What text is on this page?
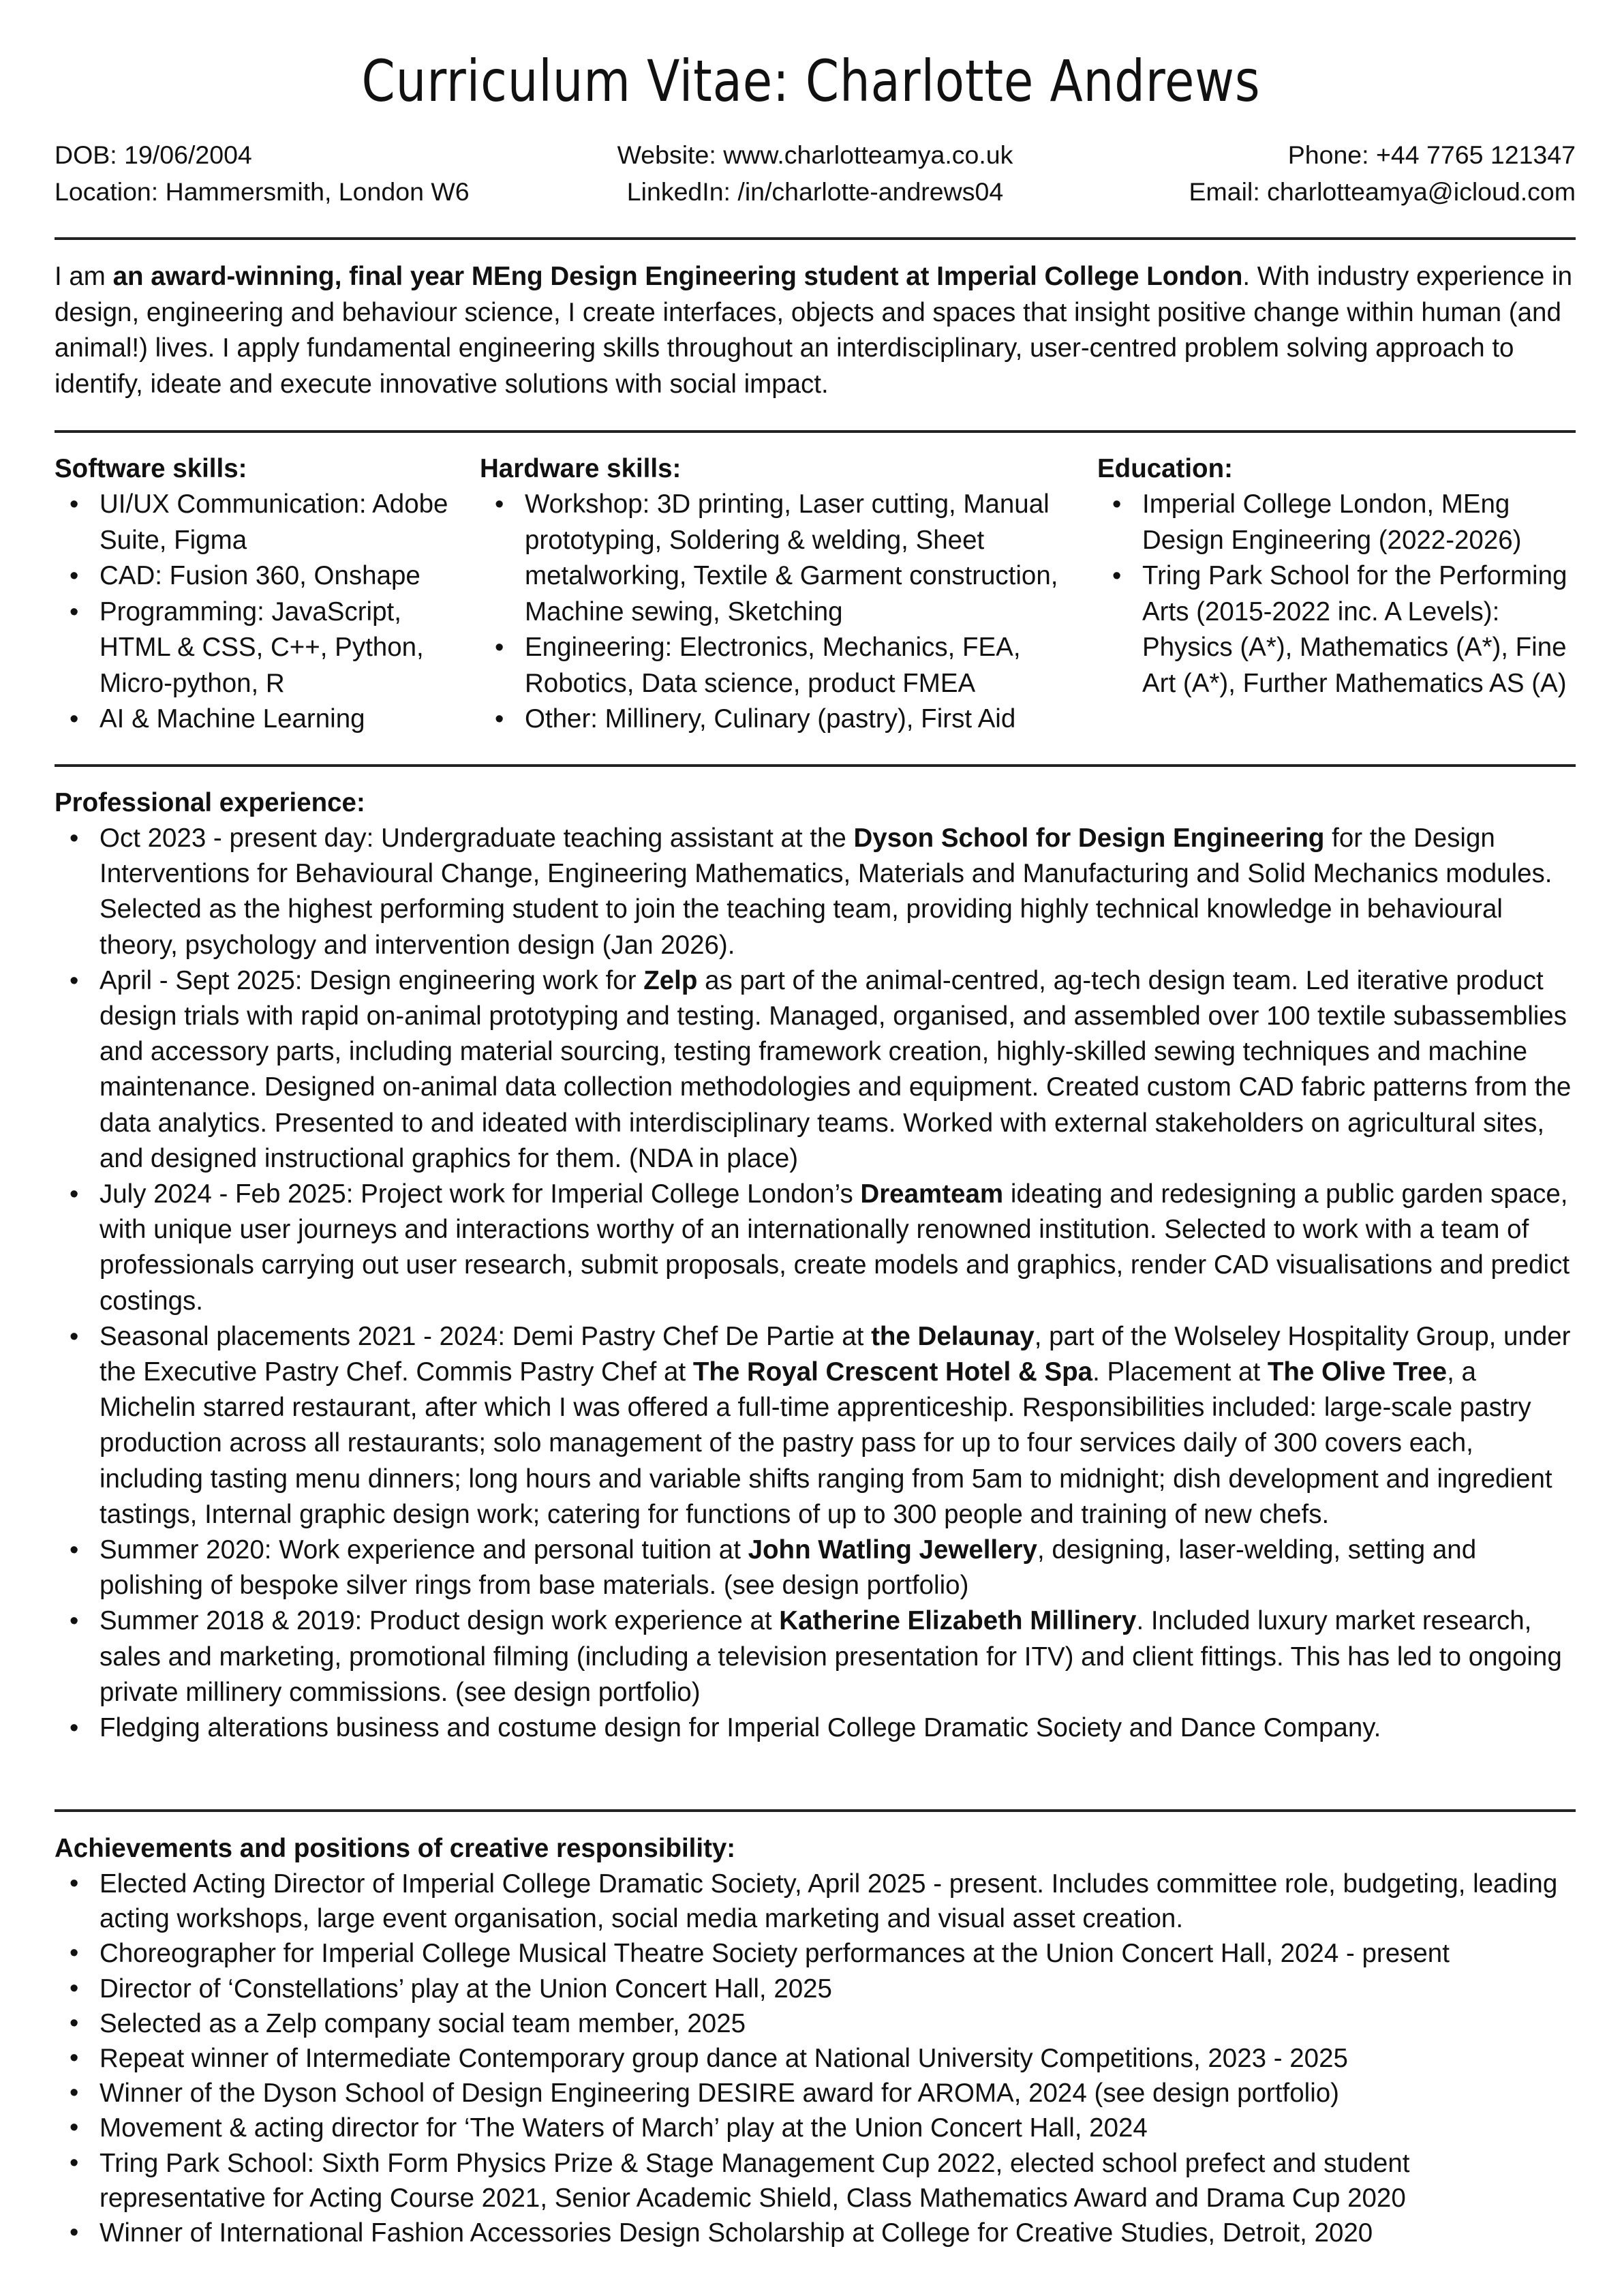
Curriculum Vitae: Charlotte Andrews
DOB: 19/06/2004
Location: Hammersmith, London W6
Website: www.charlotteamya.co.uk
LinkedIn: /in/charlotte-andrews04
Phone: +44 7765 121347
Email: charlotteamya@icloud.com
I am an award-winning, final year MEng Design Engineering student at Imperial College London. With industry experience in design, engineering and behaviour science, I create interfaces, objects and spaces that insight positive change within human (and animal!) lives. I apply fundamental engineering skills throughout an interdisciplinary, user-centred problem solving approach to identify, ideate and execute innovative solutions with social impact.
Software skills:
• UI/UX Communication: Adobe Suite, Figma
• CAD: Fusion 360, Onshape
• Programming: JavaScript, HTML & CSS, C++, Python, Micro-python, R
• AI & Machine Learning
Hardware skills:
• Workshop: 3D printing, Laser cutting, Manual prototyping, Soldering & welding, Sheet metalworking, Textile & Garment construction, Machine sewing, Sketching
• Engineering: Electronics, Mechanics, FEA, Robotics, Data science, product FMEA
• Other: Millinery, Culinary (pastry), First Aid
Education:
• Imperial College London, MEng Design Engineering (2022-2026)
• Tring Park School for the Performing Arts (2015-2022 inc. A Levels): Physics (A*), Mathematics (A*), Fine Art (A*), Further Mathematics AS (A)
Professional experience:
• Oct 2023 - present day: Undergraduate teaching assistant at the Dyson School for Design Engineering for the Design Interventions for Behavioural Change, Engineering Mathematics, Materials and Manufacturing and Solid Mechanics modules. Selected as the highest performing student to join the teaching team, providing highly technical knowledge in behavioural theory, psychology and intervention design (Jan 2026).
• April - Sept 2025: Design engineering work for Zelp as part of the animal-centred, ag-tech design team. Led iterative product design trials with rapid on-animal prototyping and testing. Managed, organised, and assembled over 100 textile subassemblies and accessory parts, including material sourcing, testing framework creation, highly-skilled sewing techniques and machine maintenance. Designed on-animal data collection methodologies and equipment. Created custom CAD fabric patterns from the data analytics. Presented to and ideated with interdisciplinary teams. Worked with external stakeholders on agricultural sites, and designed instructional graphics for them. (NDA in place)
• July 2024 - Feb 2025: Project work for Imperial College London’s Dreamteam ideating and redesigning a public garden space, with unique user journeys and interactions worthy of an internationally renowned institution. Selected to work with a team of professionals carrying out user research, submit proposals, create models and graphics, render CAD visualisations and predict costings.
• Seasonal placements 2021 - 2024: Demi Pastry Chef De Partie at the Delaunay, part of the Wolseley Hospitality Group, under the Executive Pastry Chef. Commis Pastry Chef at The Royal Crescent Hotel & Spa. Placement at The Olive Tree, a Michelin starred restaurant, after which I was offered a full-time apprenticeship. Responsibilities included: large-scale pastry production across all restaurants; solo management of the pastry pass for up to four services daily of 300 covers each, including tasting menu dinners; long hours and variable shifts ranging from 5am to midnight; dish development and ingredient tastings, Internal graphic design work; catering for functions of up to 300 people and training of new chefs.
• Summer 2020: Work experience and personal tuition at John Watling Jewellery, designing, laser-welding, setting and polishing of bespoke silver rings from base materials. (see design portfolio)
• Summer 2018 & 2019: Product design work experience at Katherine Elizabeth Millinery. Included luxury market research, sales and marketing, promotional filming (including a television presentation for ITV) and client fittings. This has led to ongoing private millinery commissions. (see design portfolio)
• Fledging alterations business and costume design for Imperial College Dramatic Society and Dance Company.
Achievements and positions of creative responsibility:
• Elected Acting Director of Imperial College Dramatic Society, April 2025 - present. Includes committee role, budgeting, leading acting workshops, large event organisation, social media marketing and visual asset creation.
• Choreographer for Imperial College Musical Theatre Society performances at the Union Concert Hall, 2024 - present
• Director of ‘Constellations’ play at the Union Concert Hall, 2025
• Selected as a Zelp company social team member, 2025
• Repeat winner of Intermediate Contemporary group dance at National University Competitions, 2023 - 2025
• Winner of the Dyson School of Design Engineering DESIRE award for AROMA, 2024 (see design portfolio)
• Movement & acting director for ‘The Waters of March’ play at the Union Concert Hall, 2024
• Tring Park School: Sixth Form Physics Prize & Stage Management Cup 2022, elected school prefect and student representative for Acting Course 2021, Senior Academic Shield, Class Mathematics Award and Drama Cup 2020
• Winner of International Fashion Accessories Design Scholarship at College for Creative Studies, Detroit, 2020
